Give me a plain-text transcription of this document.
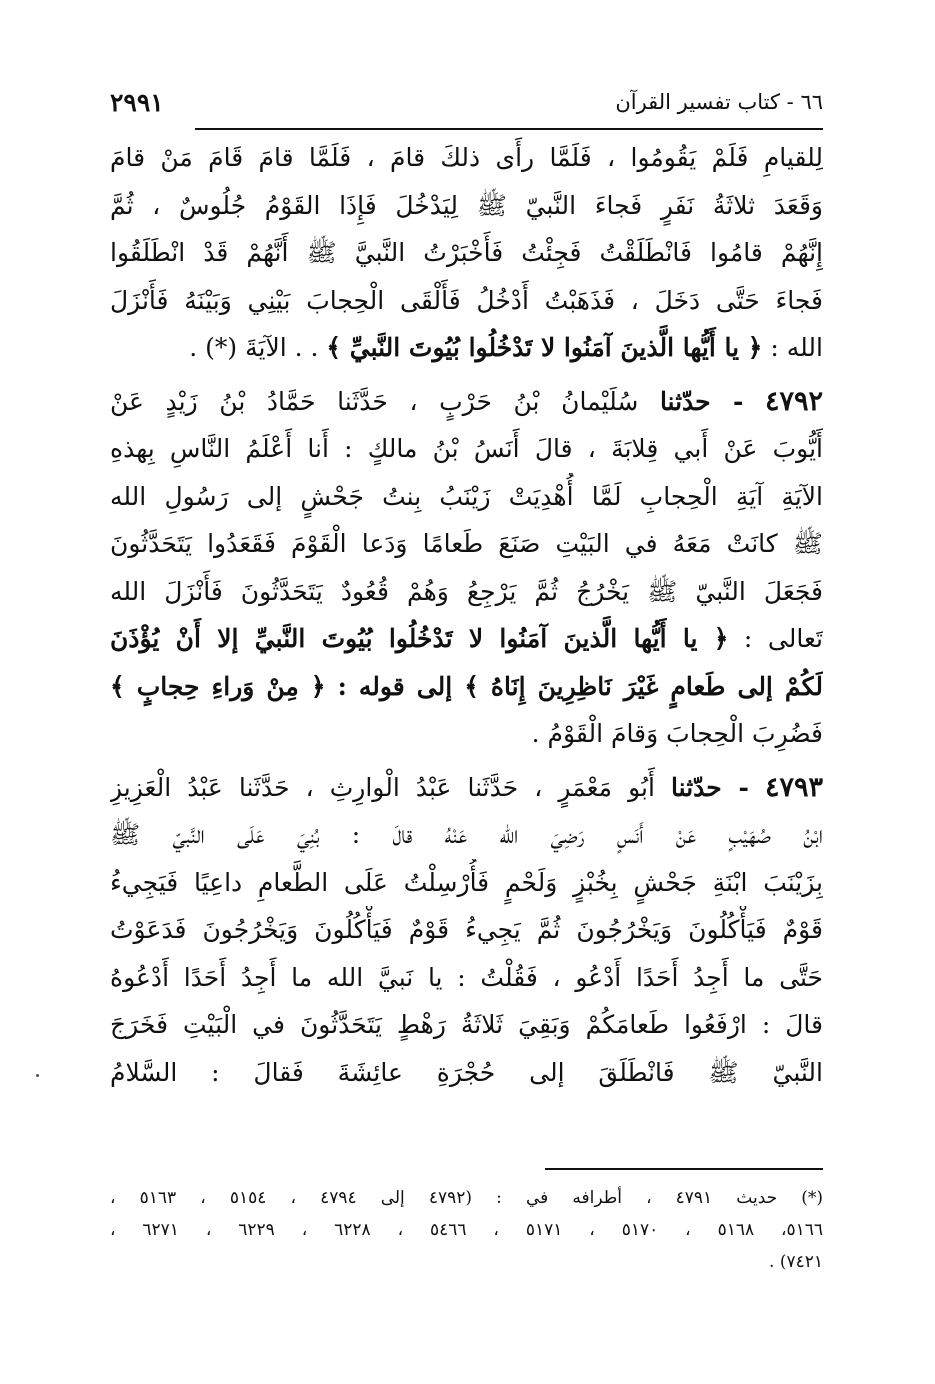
٦٦ - كتاب تفسير القرآن
٢٩٩١
لِلقيامِ فَلَمْ يَقُومُوا ، فَلَمَّا رأَى ذلكَ قامَ ، فَلَمَّا قامَ قَامَ مَنْ قامَ
وَقَعَدَ ثلاثَةُ نَفَرٍ فَجاءَ النَّبيّ ﷺ لِيَدْخُلَ فَإِذَا القَوْمُ جُلُوسٌ ، ثُمَّ
إِنَّهُمْ قامُوا فَانْطَلَقْتُ فَجِئْتُ فَأَخْبَرْتُ النَّبيَّ ﷺ أَنَّهُمْ قَدْ انْطَلَقُوا
فَجاءَ حَتَّى دَخَلَ ، فَذَهَبْتُ أَدْخُلُ فَأَلْقَى الْحِجابَ بَيْنِي وَبَيْنَهُ فَأَنْزَلَ
الله : ﴿ يا أَيُّها الَّذينَ آمَنُوا لا تَدْخُلُوا بُيُوتَ النَّبيِّ ﴾ . . الآيَةَ (*) .
٤٧٩٢ - حدّثنا سُلَيْمانُ بْنُ حَرْبٍ ، حَدَّثَنا حَمَّادُ بْنُ زَيْدٍ عَنْ
أَيُّوبَ عَنْ أَبي قِلابَةَ ، قالَ أَنَسُ بْنُ مالكٍ : أَنا أَعْلَمُ النَّاسِ بِهذهِ
الآيَةِ آيَةِ الْحِجابِ لَمَّا أُهْدِيَتْ زَيْنَبُ بِنتُ جَحْشٍ إلى رَسُولِ الله
ﷺ كانَتْ مَعَهُ في البَيْتِ صَنَعَ طَعامًا وَدَعا الْقَوْمَ فَقَعَدُوا يَتَحَدَّثُونَ
فَجَعَلَ النَّبيّ ﷺ يَخْرُجُ ثُمَّ يَرْجِعُ وَهُمْ قُعُودٌ يَتَحَدَّثُونَ فَأَنْزَلَ الله
تَعالى : ﴿ يا أَيُّها الَّذينَ آمَنُوا لا تَدْخُلُوا بُيُوتَ النَّبيِّ إلا أَنْ يُؤْذَنَ
لَكُمْ إلى طَعامٍ غَيْرَ نَاظِرِينَ إِنَاهُ ﴾ إلى قوله : ﴿ مِنْ وَراءِ حِجابٍ ﴾
فَضُرِبَ الْحِجابَ وَقامَ الْقَوْمُ .
٤٧٩٣ - حدّثنا أَبُو مَعْمَرٍ ، حَدَّثَنا عَبْدُ الْوارِثِ ، حَدَّثَنا عَبْدُ الْعَزِيزِ
ابْنُ صُهَيْبٍ عَنْ أَنَسٍ رَضِيَ الله عَنْهُ قالَ : بُنِيَ عَلَى النَّبيّ ﷺ
بِزَيْنَبَ ابْنَةِ جَحْشٍ بِخُبْزٍ وَلَحْمٍ فَأُرْسِلْتُ عَلَى الطَّعامِ داعِيًا فَيَجِيءُ
قَوْمٌ فَيَأْكُلُونَ وَيَخْرُجُونَ ثُمَّ يَجِيءُ قَوْمٌ فَيَأْكُلُونَ وَيَخْرُجُونَ فَدَعَوْتُ
حَتَّى ما أَجِدُ أَحَدًا أَدْعُو ، فَقُلْتُ : يا نَبيَّ الله ما أَجِدُ أَحَدًا أَدْعُوهُ
قالَ : ارْفَعُوا طَعامَكُمْ وَبَقِيَ ثَلاثَةُ رَهْطٍ يَتَحَدَّثُونَ في الْبَيْتِ فَخَرَجَ
النَّبيّ ﷺ فَانْطَلَقَ إلى حُجْرَةِ عائِشَةَ فَقالَ : السَّلامُ
(*) حديث ٤٧٩١ ، أطرافه في : (٤٧٩٢ إلى ٤٧٩٤ ، ٥١٥٤ ، ٥١٦٣ ،
٥١٦٦، ٥١٦٨ ، ٥١٧٠ ، ٥١٧١ ، ٥٤٦٦ ، ٦٢٢٨ ، ٦٢٢٩ ، ٦٢٧١ ،
٧٤٢١) .
